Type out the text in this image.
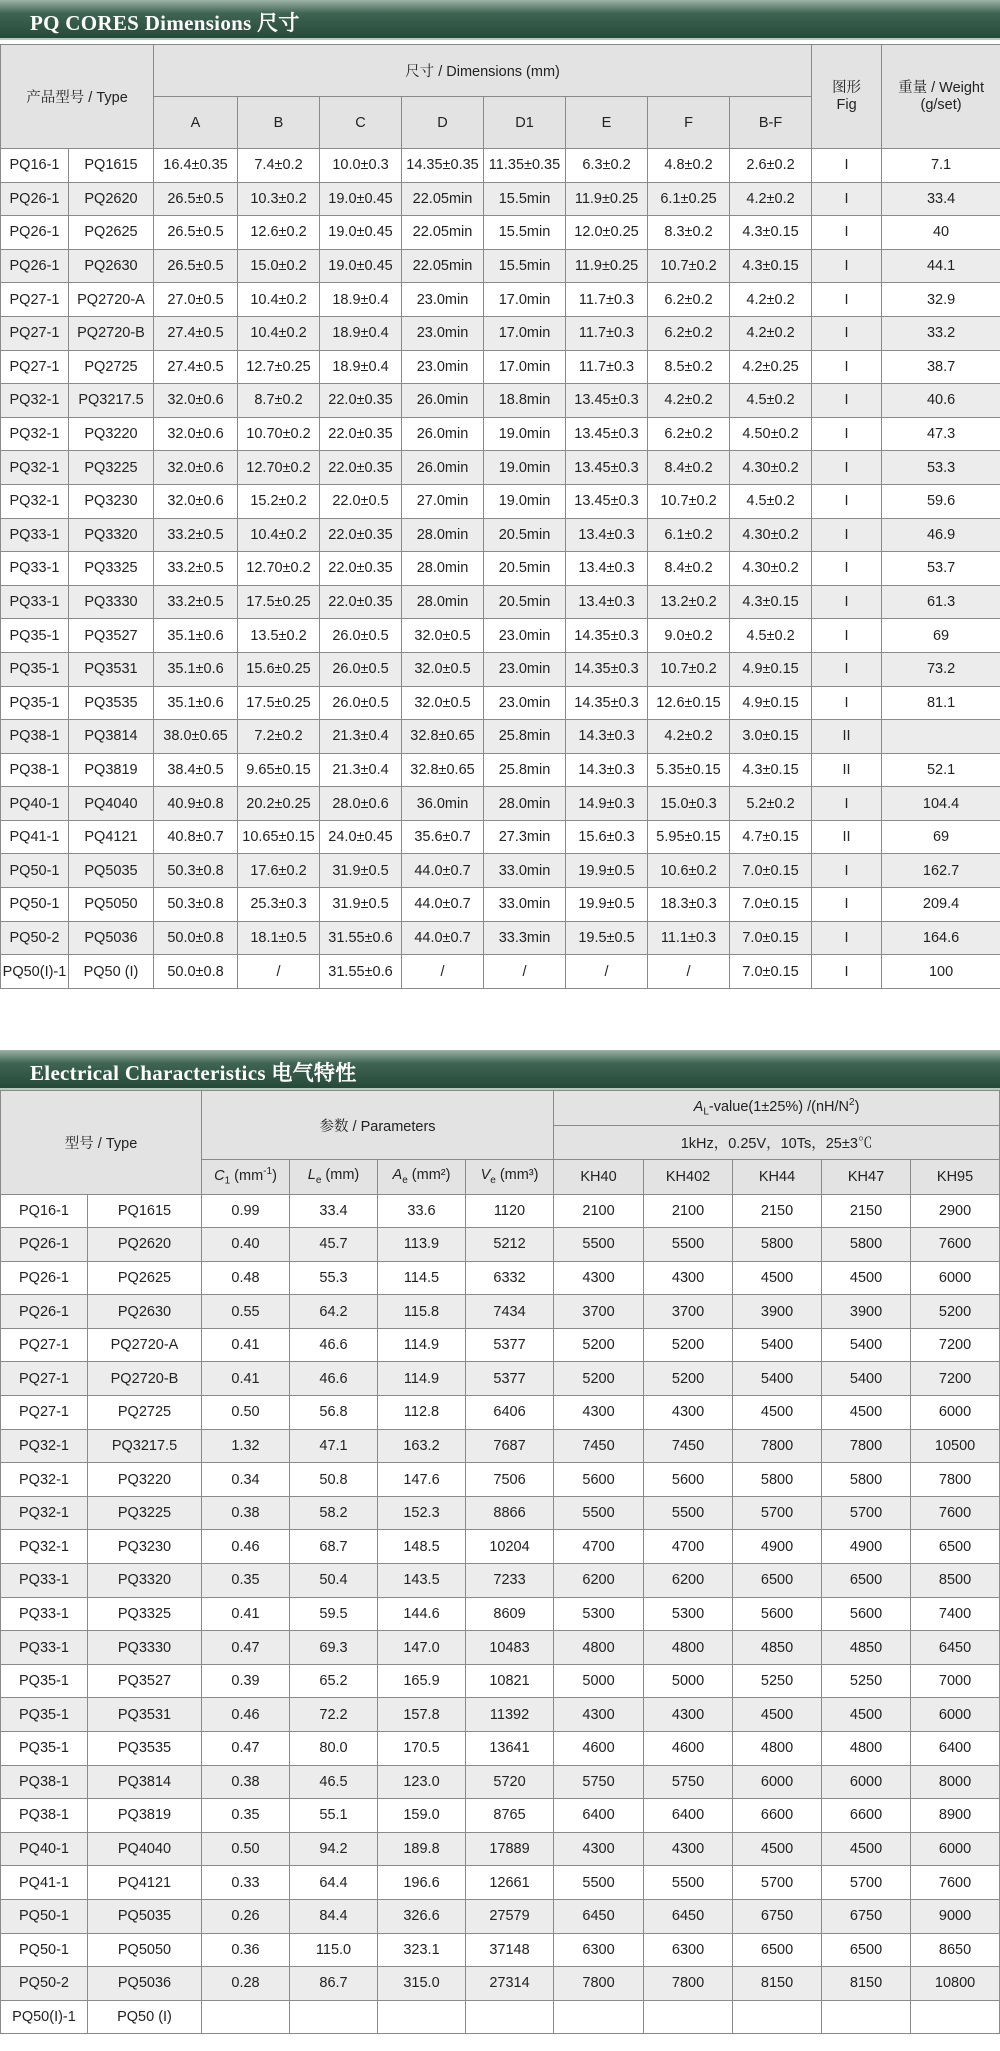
PQ CORES Dimensions 尺寸
产品型号 / Type		尺寸 / Dimensions (mm)								图形
Fig	重量 / Weight
(g/set)
		A	B	C	D	D1	E	F	B-F		
PQ16-1	PQ1615	16.4±0.35	7.4±0.2	10.0±0.3	14.35±0.35	11.35±0.35	6.3±0.2	4.8±0.2	2.6±0.2	I	7.1
PQ26-1	PQ2620	26.5±0.5	10.3±0.2	19.0±0.45	22.05min	15.5min	11.9±0.25	6.1±0.25	4.2±0.2	I	33.4
PQ26-1	PQ2625	26.5±0.5	12.6±0.2	19.0±0.45	22.05min	15.5min	12.0±0.25	8.3±0.2	4.3±0.15	I	40
PQ26-1	PQ2630	26.5±0.5	15.0±0.2	19.0±0.45	22.05min	15.5min	11.9±0.25	10.7±0.2	4.3±0.15	I	44.1
PQ27-1	PQ2720-A	27.0±0.5	10.4±0.2	18.9±0.4	23.0min	17.0min	11.7±0.3	6.2±0.2	4.2±0.2	I	32.9
PQ27-1	PQ2720-B	27.4±0.5	10.4±0.2	18.9±0.4	23.0min	17.0min	11.7±0.3	6.2±0.2	4.2±0.2	I	33.2
PQ27-1	PQ2725	27.4±0.5	12.7±0.25	18.9±0.4	23.0min	17.0min	11.7±0.3	8.5±0.2	4.2±0.25	I	38.7
PQ32-1	PQ3217.5	32.0±0.6	8.7±0.2	22.0±0.35	26.0min	18.8min	13.45±0.3	4.2±0.2	4.5±0.2	I	40.6
PQ32-1	PQ3220	32.0±0.6	10.70±0.2	22.0±0.35	26.0min	19.0min	13.45±0.3	6.2±0.2	4.50±0.2	I	47.3
PQ32-1	PQ3225	32.0±0.6	12.70±0.2	22.0±0.35	26.0min	19.0min	13.45±0.3	8.4±0.2	4.30±0.2	I	53.3
PQ32-1	PQ3230	32.0±0.6	15.2±0.2	22.0±0.5	27.0min	19.0min	13.45±0.3	10.7±0.2	4.5±0.2	I	59.6
PQ33-1	PQ3320	33.2±0.5	10.4±0.2	22.0±0.35	28.0min	20.5min	13.4±0.3	6.1±0.2	4.30±0.2	I	46.9
PQ33-1	PQ3325	33.2±0.5	12.70±0.2	22.0±0.35	28.0min	20.5min	13.4±0.3	8.4±0.2	4.30±0.2	I	53.7
PQ33-1	PQ3330	33.2±0.5	17.5±0.25	22.0±0.35	28.0min	20.5min	13.4±0.3	13.2±0.2	4.3±0.15	I	61.3
PQ35-1	PQ3527	35.1±0.6	13.5±0.2	26.0±0.5	32.0±0.5	23.0min	14.35±0.3	9.0±0.2	4.5±0.2	I	69
PQ35-1	PQ3531	35.1±0.6	15.6±0.25	26.0±0.5	32.0±0.5	23.0min	14.35±0.3	10.7±0.2	4.9±0.15	I	73.2
PQ35-1	PQ3535	35.1±0.6	17.5±0.25	26.0±0.5	32.0±0.5	23.0min	14.35±0.3	12.6±0.15	4.9±0.15	I	81.1
PQ38-1	PQ3814	38.0±0.65	7.2±0.2	21.3±0.4	32.8±0.65	25.8min	14.3±0.3	4.2±0.2	3.0±0.15	II	
PQ38-1	PQ3819	38.4±0.5	9.65±0.15	21.3±0.4	32.8±0.65	25.8min	14.3±0.3	5.35±0.15	4.3±0.15	II	52.1
PQ40-1	PQ4040	40.9±0.8	20.2±0.25	28.0±0.6	36.0min	28.0min	14.9±0.3	15.0±0.3	5.2±0.2	I	104.4
PQ41-1	PQ4121	40.8±0.7	10.65±0.15	24.0±0.45	35.6±0.7	27.3min	15.6±0.3	5.95±0.15	4.7±0.15	II	69
PQ50-1	PQ5035	50.3±0.8	17.6±0.2	31.9±0.5	44.0±0.7	33.0min	19.9±0.5	10.6±0.2	7.0±0.15	I	162.7
PQ50-1	PQ5050	50.3±0.8	25.3±0.3	31.9±0.5	44.0±0.7	33.0min	19.9±0.5	18.3±0.3	7.0±0.15	I	209.4
PQ50-2	PQ5036	50.0±0.8	18.1±0.5	31.55±0.6	44.0±0.7	33.3min	19.5±0.5	11.1±0.3	7.0±0.15	I	164.6
PQ50(I)-1	PQ50 (I)	50.0±0.8	/	31.55±0.6	/	/	/	/	7.0±0.15	I	100
Electrical Characteristics 电气特性
型号 / Type		参数 / Parameters				$A_L-value(1\pm 25\%)$ $/(nH/N^2)$				
						1kHz，0.25V，10Ts，25±3℃				
		$C_1$ $(mm^{-1})$	$L_e$ (mm)	$A_e$ (mm²)	$V_e$ (mm³)	KH40	KH402	KH44	KH47	KH95
PQ16-1	PQ1615	0.99	33.4	33.6	1120	2100	2100	2150	2150	2900
PQ26-1	PQ2620	0.40	45.7	113.9	5212	5500	5500	5800	5800	7600
PQ26-1	PQ2625	0.48	55.3	114.5	6332	4300	4300	4500	4500	6000
PQ26-1	PQ2630	0.55	64.2	115.8	7434	3700	3700	3900	3900	5200
PQ27-1	PQ2720-A	0.41	46.6	114.9	5377	5200	5200	5400	5400	7200
PQ27-1	PQ2720-B	0.41	46.6	114.9	5377	5200	5200	5400	5400	7200
PQ27-1	PQ2725	0.50	56.8	112.8	6406	4300	4300	4500	4500	6000
PQ32-1	PQ3217.5	1.32	47.1	163.2	7687	7450	7450	7800	7800	10500
PQ32-1	PQ3220	0.34	50.8	147.6	7506	5600	5600	5800	5800	7800
PQ32-1	PQ3225	0.38	58.2	152.3	8866	5500	5500	5700	5700	7600
PQ32-1	PQ3230	0.46	68.7	148.5	10204	4700	4700	4900	4900	6500
PQ33-1	PQ3320	0.35	50.4	143.5	7233	6200	6200	6500	6500	8500
PQ33-1	PQ3325	0.41	59.5	144.6	8609	5300	5300	5600	5600	7400
PQ33-1	PQ3330	0.47	69.3	147.0	10483	4800	4800	4850	4850	6450
PQ35-1	PQ3527	0.39	65.2	165.9	10821	5000	5000	5250	5250	7000
PQ35-1	PQ3531	0.46	72.2	157.8	11392	4300	4300	4500	4500	6000
PQ35-1	PQ3535	0.47	80.0	170.5	13641	4600	4600	4800	4800	6400
PQ38-1	PQ3814	0.38	46.5	123.0	5720	5750	5750	6000	6000	8000
PQ38-1	PQ3819	0.35	55.1	159.0	8765	6400	6400	6600	6600	8900
PQ40-1	PQ4040	0.50	94.2	189.8	17889	4300	4300	4500	4500	6000
PQ41-1	PQ4121	0.33	64.4	196.6	12661	5500	5500	5700	5700	7600
PQ50-1	PQ5035	0.26	84.4	326.6	27579	6450	6450	6750	6750	9000
PQ50-1	PQ5050	0.36	115.0	323.1	37148	6300	6300	6500	6500	8650
PQ50-2	PQ5036	0.28	86.7	315.0	27314	7800	7800	8150	8150	10800
PQ50(I)-1	PQ50 (I)									
